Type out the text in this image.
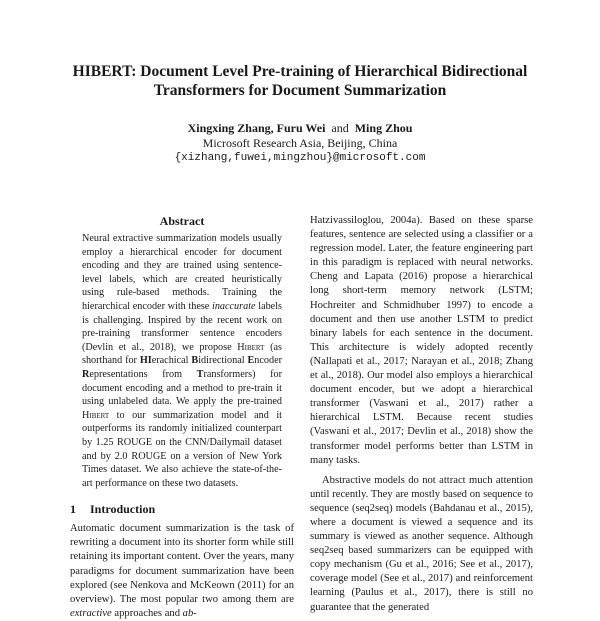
HIBERT: Document Level Pre-training of Hierarchical Bidirectional
Transformers for Document Summarization
Xingxing Zhang, Furu Wei and Ming Zhou
Microsoft Research Asia, Beijing, China
{xizhang,fuwei,mingzhou}@microsoft.com
Abstract
Neural extractive summarization models usually employ a hierarchical encoder for document encoding and they are trained using sentence-level labels, which are created heuristically using rule-based methods. Training the hierarchical encoder with these inaccurate labels is challenging. Inspired by the recent work on pre-training transformer sentence encoders (Devlin et al., 2018), we propose Hibert (as shorthand for HIerachical Bidirectional Encoder Representations from Transformers) for document encoding and a method to pre-train it using unlabeled data. We apply the pre-trained Hibert to our summarization model and it outperforms its randomly initialized counterpart by 1.25 ROUGE on the CNN/Dailymail dataset and by 2.0 ROUGE on a version of New York Times dataset. We also achieve the state-of-the-art performance on these two datasets.
1 Introduction

Automatic document summarization is the task of rewriting a document into its shorter form while still retaining its important content. Over the years, many paradigms for document summarization have been explored (see Nenkova and McKeown (2011) for an overview). The most popular two among them are extractive approaches and ab-

Hatzivassiloglou, 2004a). Based on these sparse features, sentence are selected using a classifier or a regression model. Later, the feature engineering part in this paradigm is replaced with neural networks. Cheng and Lapata (2016) propose a hierarchical long short-term memory network (LSTM; Hochreiter and Schmidhuber 1997) to encode a document and then use another LSTM to predict binary labels for each sentence in the document. This architecture is widely adopted recently (Nallapati et al., 2017; Narayan et al., 2018; Zhang et al., 2018). Our model also employs a hierarchical document encoder, but we adopt a hierarchical transformer (Vaswani et al., 2017) rather a hierarchical LSTM. Because recent studies (Vaswani et al., 2017; Devlin et al., 2018) show the transformer model performs better than LSTM in many tasks.

Abstractive models do not attract much attention until recently. They are mostly based on sequence to sequence (seq2seq) models (Bahdanau et al., 2015), where a document is viewed a sequence and its summary is viewed as another sequence. Although seq2seq based summarizers can be equipped with copy mechanism (Gu et al., 2016; See et al., 2017), coverage model (See et al., 2017) and reinforcement learning (Paulus et al., 2017), there is still no guarantee that the generated
